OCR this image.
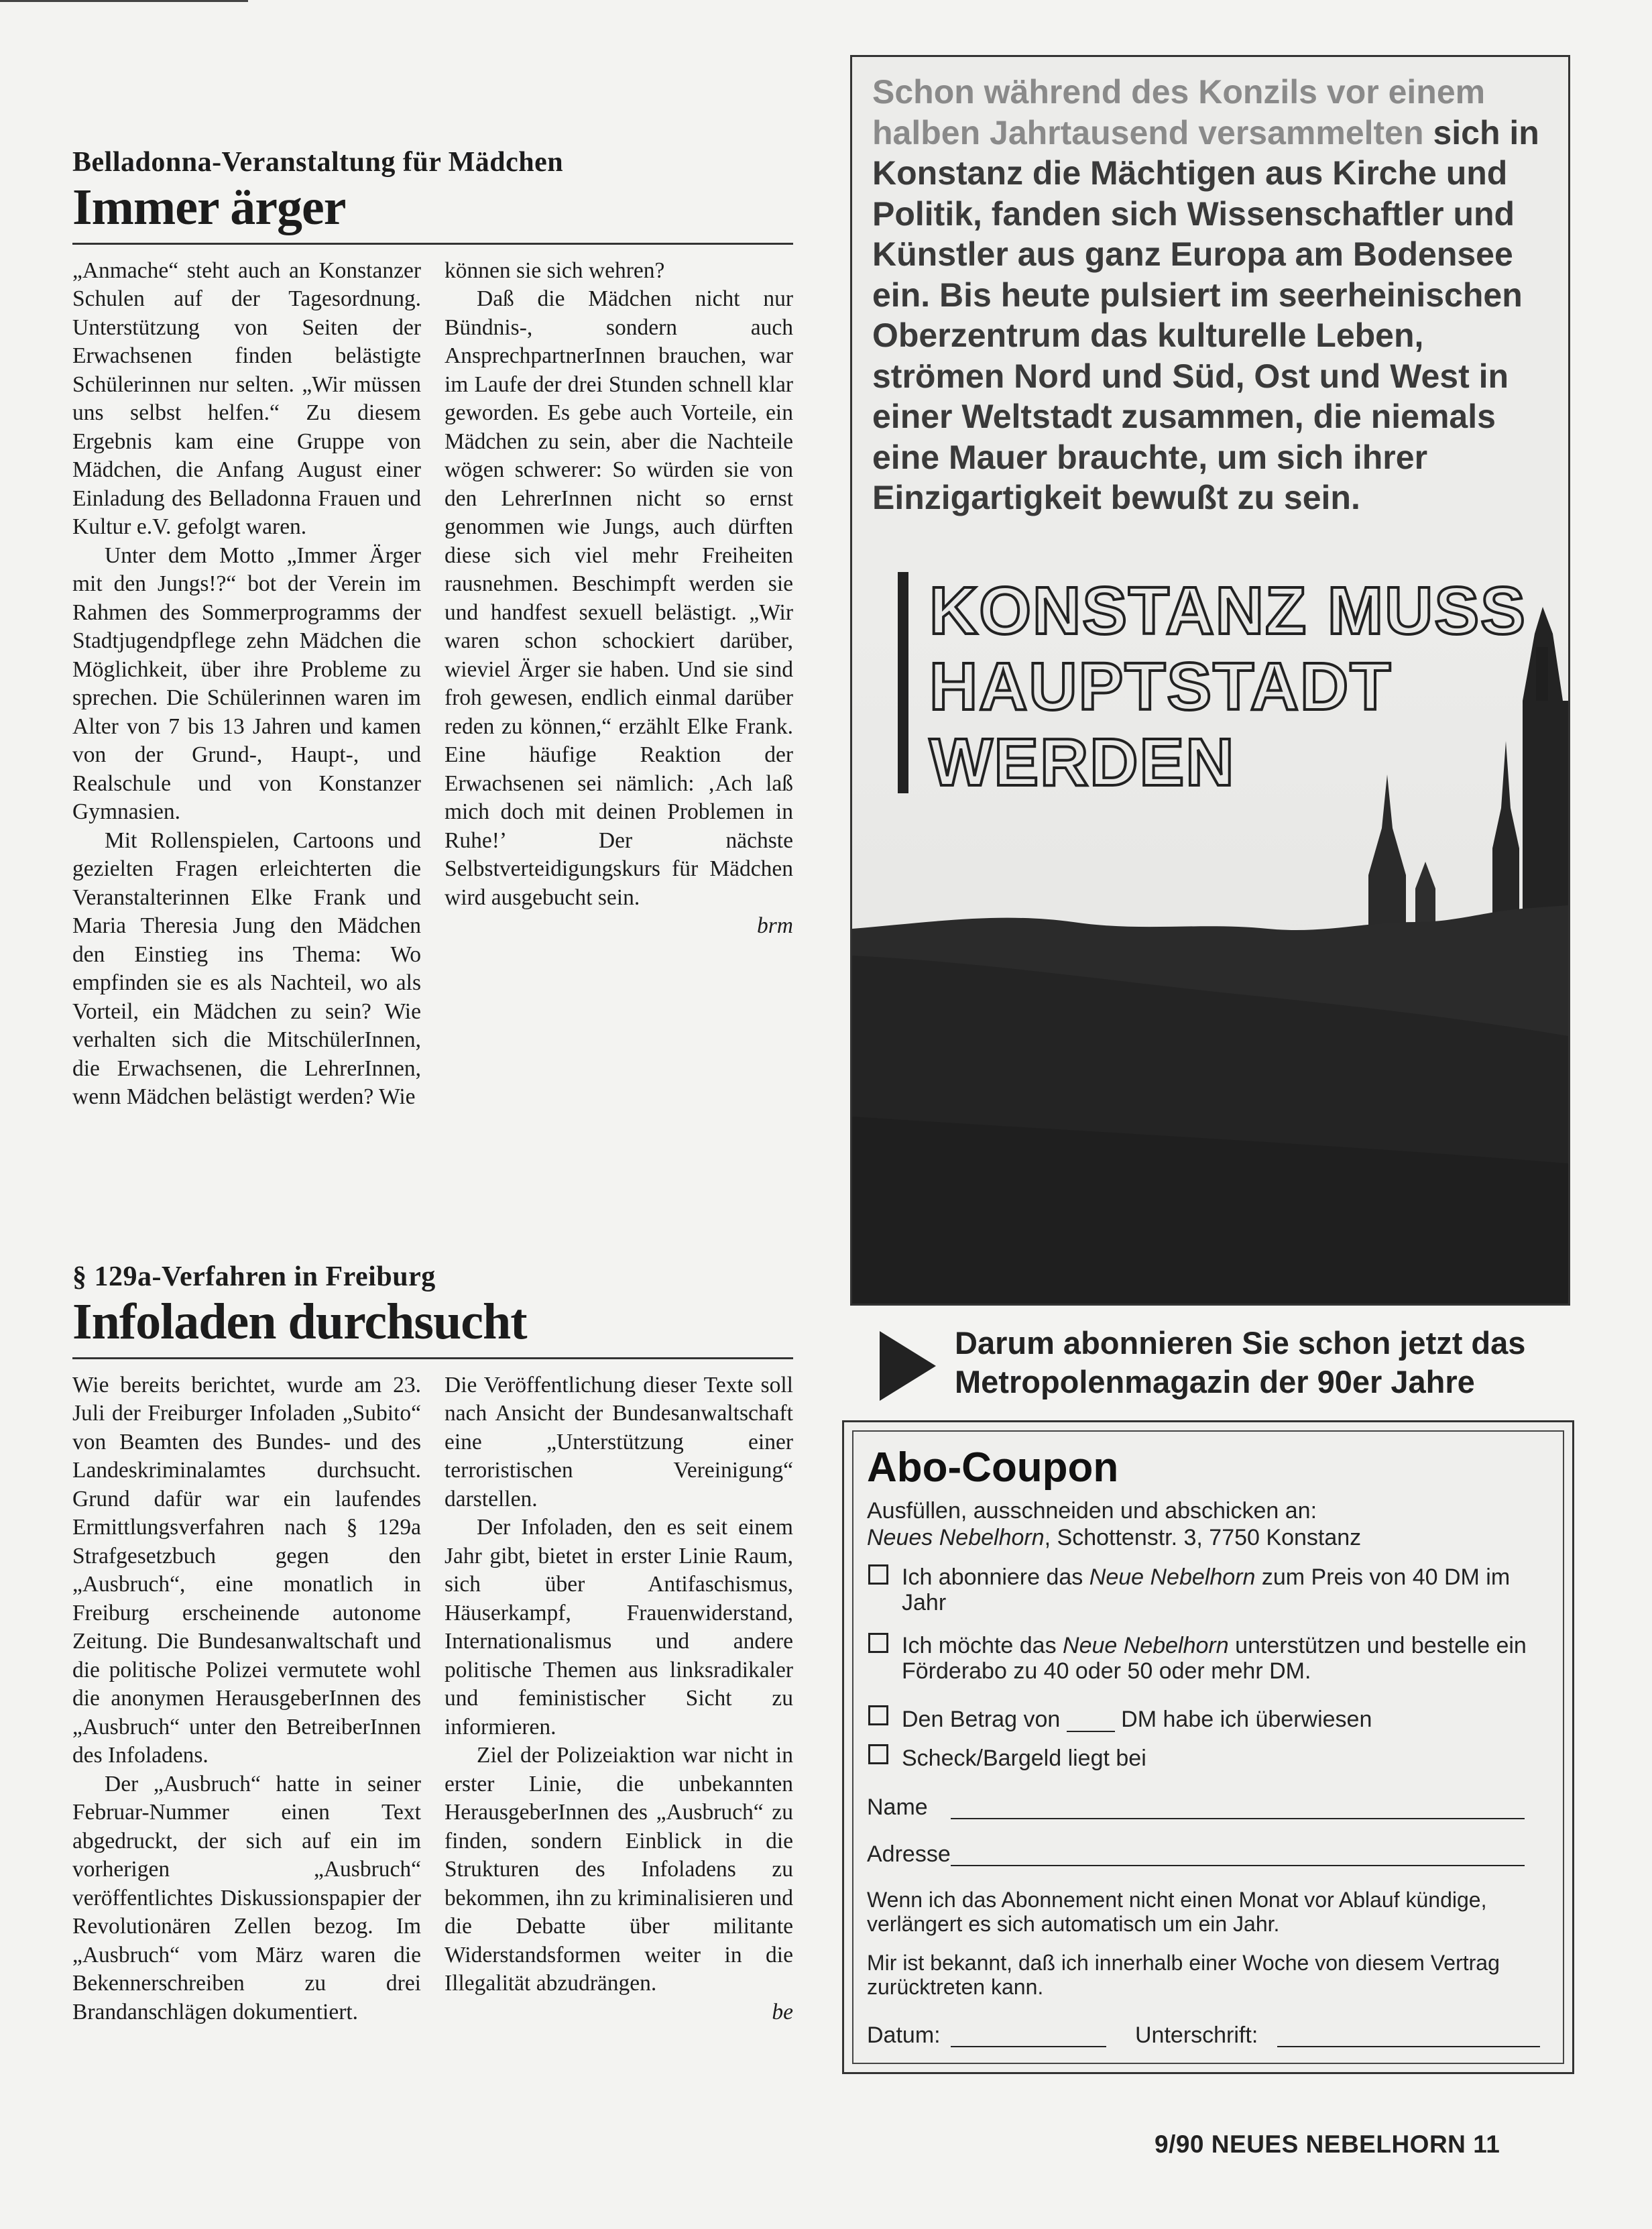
Belladonna-Veranstaltung für Mädchen
Immer ärger

„Anmache“ steht auch an Konstanzer Schulen auf der Tagesordnung. Unterstützung von Seiten der Erwachsenen finden belästigte Schülerinnen nur selten. „Wir müssen uns selbst helfen.“ Zu diesem Ergebnis kam eine Gruppe von Mädchen, die Anfang August einer Einladung des Belladonna Frauen und Kultur e.V. gefolgt waren.

Unter dem Motto „Immer Ärger mit den Jungs!?“ bot der Verein im Rahmen des Sommerprogramms der Stadtjugendpflege zehn Mädchen die Möglichkeit, über ihre Probleme zu sprechen. Die Schülerinnen waren im Alter von 7 bis 13 Jahren und kamen von der Grund-, Haupt-, und Realschule und von Konstanzer Gymnasien.

Mit Rollenspielen, Cartoons und gezielten Fragen erleichterten die Veranstalterinnen Elke Frank und Maria Theresia Jung den Mädchen den Einstieg ins Thema: Wo empfinden sie es als Nachteil, wo als Vorteil, ein Mädchen zu sein? Wie verhalten sich die MitschülerInnen, die Erwachsenen, die LehrerInnen, wenn Mädchen belästigt werden? Wie

können sie sich wehren?

Daß die Mädchen nicht nur Bündnis-, sondern auch AnsprechpartnerInnen brauchen, war im Laufe der drei Stunden schnell klar geworden. Es gebe auch Vorteile, ein Mädchen zu sein, aber die Nachteile wögen schwerer: So würden sie von den LehrerInnen nicht so ernst genommen wie Jungs, auch dürften diese sich viel mehr Freiheiten rausnehmen. Beschimpft werden sie und handfest sexuell belästigt. „Wir waren schon schockiert darüber, wieviel Ärger sie haben. Und sie sind froh gewesen, endlich einmal darüber reden zu können,“ erzählt Elke Frank. Eine häufige Reaktion der Erwachsenen sei nämlich: ‚Ach laß mich doch mit deinen Problemen in Ruhe!’ Der nächste Selbstverteidigungskurs für Mädchen wird ausgebucht sein.

brm
§ 129a-Verfahren in Freiburg
Infoladen durchsucht

Wie bereits berichtet, wurde am 23. Juli der Freiburger Infoladen „Subito“ von Beamten des Bundes- und des Landeskriminalamtes durchsucht. Grund dafür war ein laufendes Ermittlungsverfahren nach § 129a Strafgesetzbuch gegen den „Ausbruch“, eine monatlich in Freiburg erscheinende autonome Zeitung. Die Bundesanwaltschaft und die politische Polizei vermutete wohl die anonymen HerausgeberInnen des „Ausbruch“ unter den BetreiberInnen des Infoladens.

Der „Ausbruch“ hatte in seiner Februar-Nummer einen Text abgedruckt, der sich auf ein im vorherigen „Ausbruch“ veröffentlichtes Diskussionspapier der Revolutionären Zellen bezog. Im „Ausbruch“ vom März waren die Bekennerschreiben zu drei Brandanschlägen dokumentiert.

Die Veröffentlichung dieser Texte soll nach Ansicht der Bundesanwaltschaft eine „Unterstützung einer terroristischen Vereinigung“ darstellen.

Der Infoladen, den es seit einem Jahr gibt, bietet in erster Linie Raum, sich über Antifaschismus, Häuserkampf, Frauenwiderstand, Internationalismus und andere politische Themen aus linksradikaler und feministischer Sicht zu informieren.

Ziel der Polizeiaktion war nicht in erster Linie, die unbekannten HerausgeberInnen des „Ausbruch“ zu finden, sondern Einblick in die Strukturen des Infoladens zu bekommen, ihn zu kriminalisieren und die Debatte über militante Widerstandsformen weiter in die Illegalität abzudrängen.

be
Schon während des Konzils vor einem halben Jahrtausend versammelten sich in Konstanz die Mächtigen aus Kirche und Politik, fanden sich Wissenschaftler und Künstler aus ganz Europa am Bodensee ein. Bis heute pulsiert im seerheinischen Oberzentrum das kulturelle Leben, strömen Nord und Süd, Ost und West in einer Weltstadt zusammen, die niemals eine Mauer brauchte, um sich ihrer Einzigartigkeit bewußt zu sein.
KONSTANZ MUSS
HAUPTSTADT
WERDEN
Darum abonnieren Sie schon jetzt das
Metropolenmagazin der 90er Jahre
Abo-Coupon
Ausfüllen, ausschneiden und abschicken an:
Neues Nebelhorn, Schottenstr. 3, 7750 Konstanz
Ich abonniere das Neue Nebelhorn zum Preis von 40 DM im Jahr
Ich möchte das Neue Nebelhorn unterstützen und bestelle ein Förderabo zu 40 oder 50 oder mehr DM.
Den Betrag von	DM habe ich überwiesen
Scheck/Bargeld liegt bei
Name
Adresse
Wenn ich das Abonnement nicht einen Monat vor Ablauf kündige, verlängert es sich automatisch um ein Jahr.
Mir ist bekannt, daß ich innerhalb einer Woche von diesem Vertrag zurücktreten kann.
Datum:	Unterschrift:
9/90 NEUES NEBELHORN 11
